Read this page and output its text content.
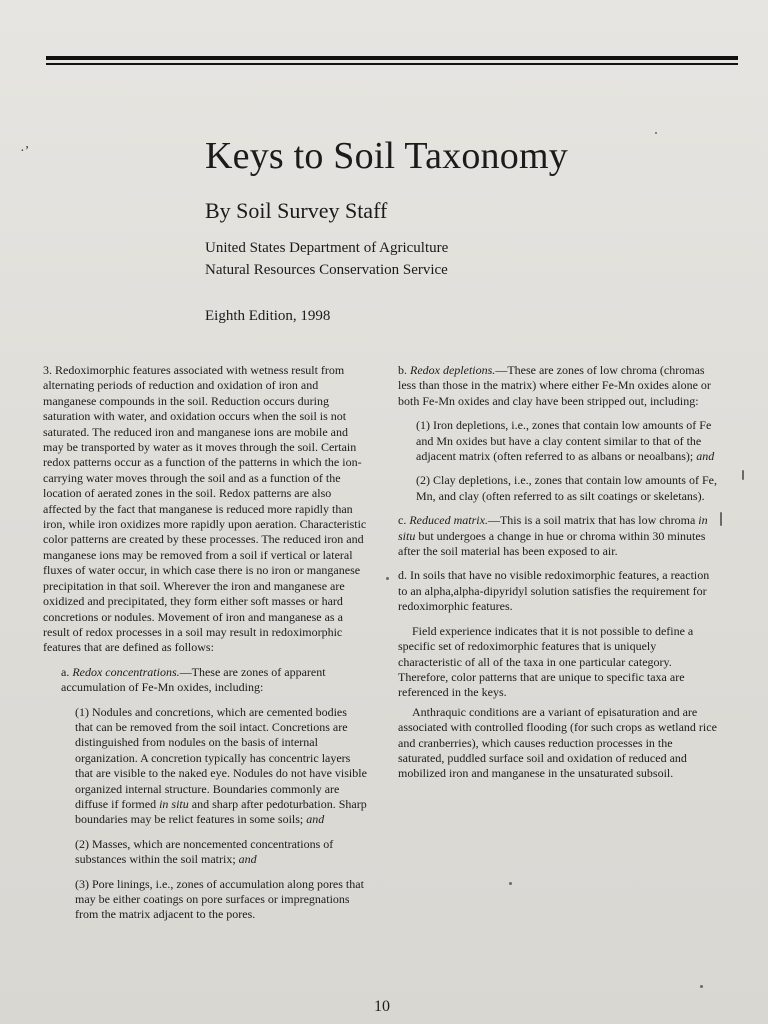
Keys to Soil Taxonomy
By Soil Survey Staff
United States Department of Agriculture
Natural Resources Conservation Service
Eighth Edition, 1998

3. Redoximorphic features associated with wetness result from alternating periods of reduction and oxidation of iron and manganese compounds in the soil. Reduction occurs during saturation with water, and oxidation occurs when the soil is not saturated. The reduced iron and manganese ions are mobile and may be transported by water as it moves through the soil. Certain redox patterns occur as a function of the patterns in which the ion-carrying water moves through the soil and as a function of the location of aerated zones in the soil. Redox patterns are also affected by the fact that manganese is reduced more rapidly than iron, while iron oxidizes more rapidly upon aeration. Characteristic color patterns are created by these processes. The reduced iron and manganese ions may be removed from a soil if vertical or lateral fluxes of water occur, in which case there is no iron or manganese precipitation in that soil. Wherever the iron and manganese are oxidized and precipitated, they form either soft masses or hard concretions or nodules. Movement of iron and manganese as a result of redox processes in a soil may result in redoximorphic features that are defined as follows:

a. Redox concentrations.—These are zones of apparent accumulation of Fe-Mn oxides, including:

(1) Nodules and concretions, which are cemented bodies that can be removed from the soil intact. Concretions are distinguished from nodules on the basis of internal organization. A concretion typically has concentric layers that are visible to the naked eye. Nodules do not have visible organized internal structure. Boundaries commonly are diffuse if formed in situ and sharp after pedoturbation. Sharp boundaries may be relict features in some soils; and

(2) Masses, which are noncemented concentrations of substances within the soil matrix; and

(3) Pore linings, i.e., zones of accumulation along pores that may be either coatings on pore surfaces or impregnations from the matrix adjacent to the pores.

b. Redox depletions.—These are zones of low chroma (chromas less than those in the matrix) where either Fe-Mn oxides alone or both Fe-Mn oxides and clay have been stripped out, including:

(1) Iron depletions, i.e., zones that contain low amounts of Fe and Mn oxides but have a clay content similar to that of the adjacent matrix (often referred to as albans or neoalbans); and

(2) Clay depletions, i.e., zones that contain low amounts of Fe, Mn, and clay (often referred to as silt coatings or skeletans).

c. Reduced matrix.—This is a soil matrix that has low chroma in situ but undergoes a change in hue or chroma within 30 minutes after the soil material has been exposed to air.

d. In soils that have no visible redoximorphic features, a reaction to an alpha,alpha-dipyridyl solution satisfies the requirement for redoximorphic features.

Field experience indicates that it is not possible to define a specific set of redoximorphic features that is uniquely characteristic of all of the taxa in one particular category. Therefore, color patterns that are unique to specific taxa are referenced in the keys.

Anthraquic conditions are a variant of episaturation and are associated with controlled flooding (for such crops as wetland rice and cranberries), which causes reduction processes in the saturated, puddled surface soil and oxidation of reduced and mobilized iron and manganese in the unsaturated subsoil.

10
·ʼ
